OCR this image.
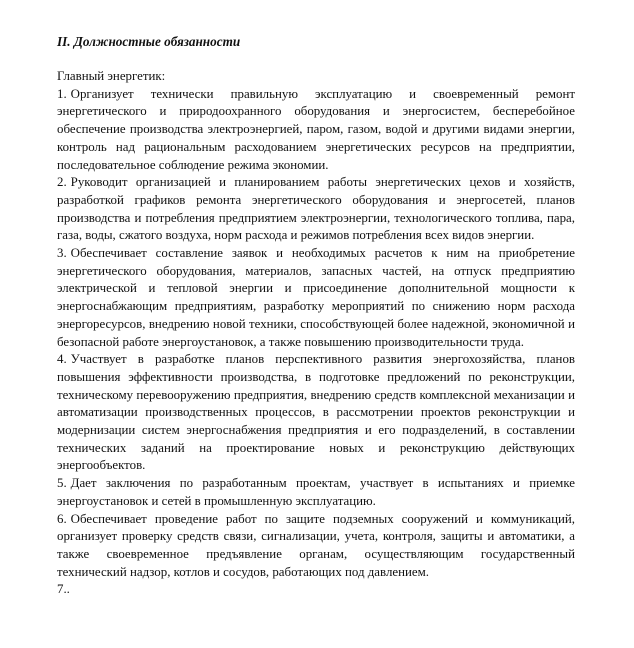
II. Должностные обязанности
Главный энергетик:
1. Организует технически правильную эксплуатацию и своевременный ремонт энергетического и природоохранного оборудования и энергосистем, бесперебойное обеспечение производства электроэнергией, паром, газом, водой и другими видами энергии, контроль над рациональным расходованием энергетических ресурсов на предприятии, последовательное соблюдение режима экономии.
2. Руководит организацией и планированием работы энергетических цехов и хозяйств, разработкой графиков ремонта энергетического оборудования и энергосетей, планов производства и потребления предприятием электроэнергии, технологического топлива, пара, газа, воды, сжатого воздуха, норм расхода и режимов потребления всех видов энергии.
3. Обеспечивает составление заявок и необходимых расчетов к ним на приобретение энергетического оборудования, материалов, запасных частей, на отпуск предприятию электрической и тепловой энергии и присоединение дополнительной мощности к энергоснабжающим предприятиям, разработку мероприятий по снижению норм расхода энергоресурсов, внедрению новой техники, способствующей более надежной, экономичной и безопасной работе энергоустановок, а также повышению производительности труда.
4. Участвует в разработке планов перспективного развития энергохозяйства, планов повышения эффективности производства, в подготовке предложений по реконструкции, техническому перевооружению предприятия, внедрению средств комплексной механизации и автоматизации производственных процессов, в рассмотрении проектов реконструкции и модернизации систем энергоснабжения предприятия и его подразделений, в составлении технических заданий на проектирование новых и реконструкцию действующих энергообъектов.
5. Дает заключения по разработанным проектам, участвует в испытаниях и приемке энергоустановок и сетей в промышленную эксплуатацию.
6. Обеспечивает проведение работ по защите подземных сооружений и коммуникаций, организует проверку средств связи, сигнализации, учета, контроля, защиты и автоматики, а также своевременное предъявление органам, осуществляющим государственный технический надзор, котлов и сосудов, работающих под давлением.
7..
